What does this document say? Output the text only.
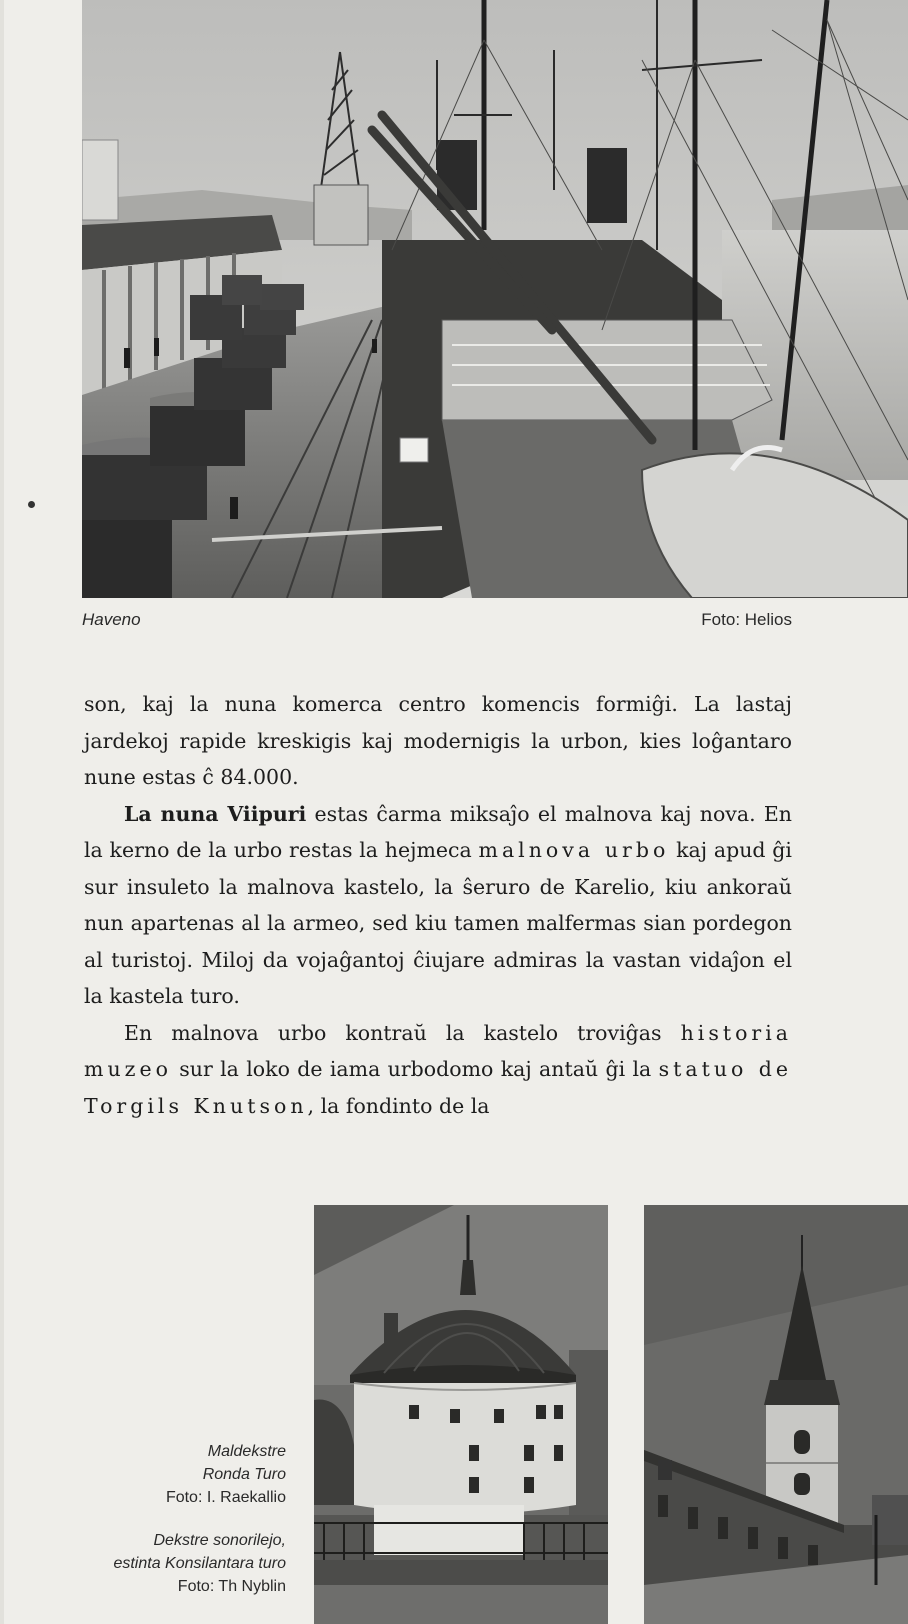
Haveno	Foto: Helios

son, kaj la nuna komerca centro komencis formiĝi. La lastaj jardekoj rapide kreskigis kaj modernigis la urbon, kies loĝantaro nune estas ĉ 84.000.

La nuna Viipuri estas ĉarma miksaĵo el malnova kaj nova. En la kerno de la urbo restas la hejmeca malnova urbo kaj apud ĝi sur insuleto la malnova kastelo, la ŝeruro de Karelio, kiu ankoraŭ nun apartenas al la armeo, sed kiu tamen malfermas sian pordegon al turistoj. Miloj da vojaĝantoj ĉiujare admiras la vastan vidaĵon el la kastela turo.

En malnova urbo kontraŭ la kastelo troviĝas historia muzeo sur la loko de iama urbodomo kaj antaŭ ĝi la statuo de Torgils Knutson, la fondinto de la

Maldekstre
Ronda Turo
Foto: I. Raekallio
Dekstre sonorilejo,
estinta Konsilantara turo
Foto: Th Nyblin
